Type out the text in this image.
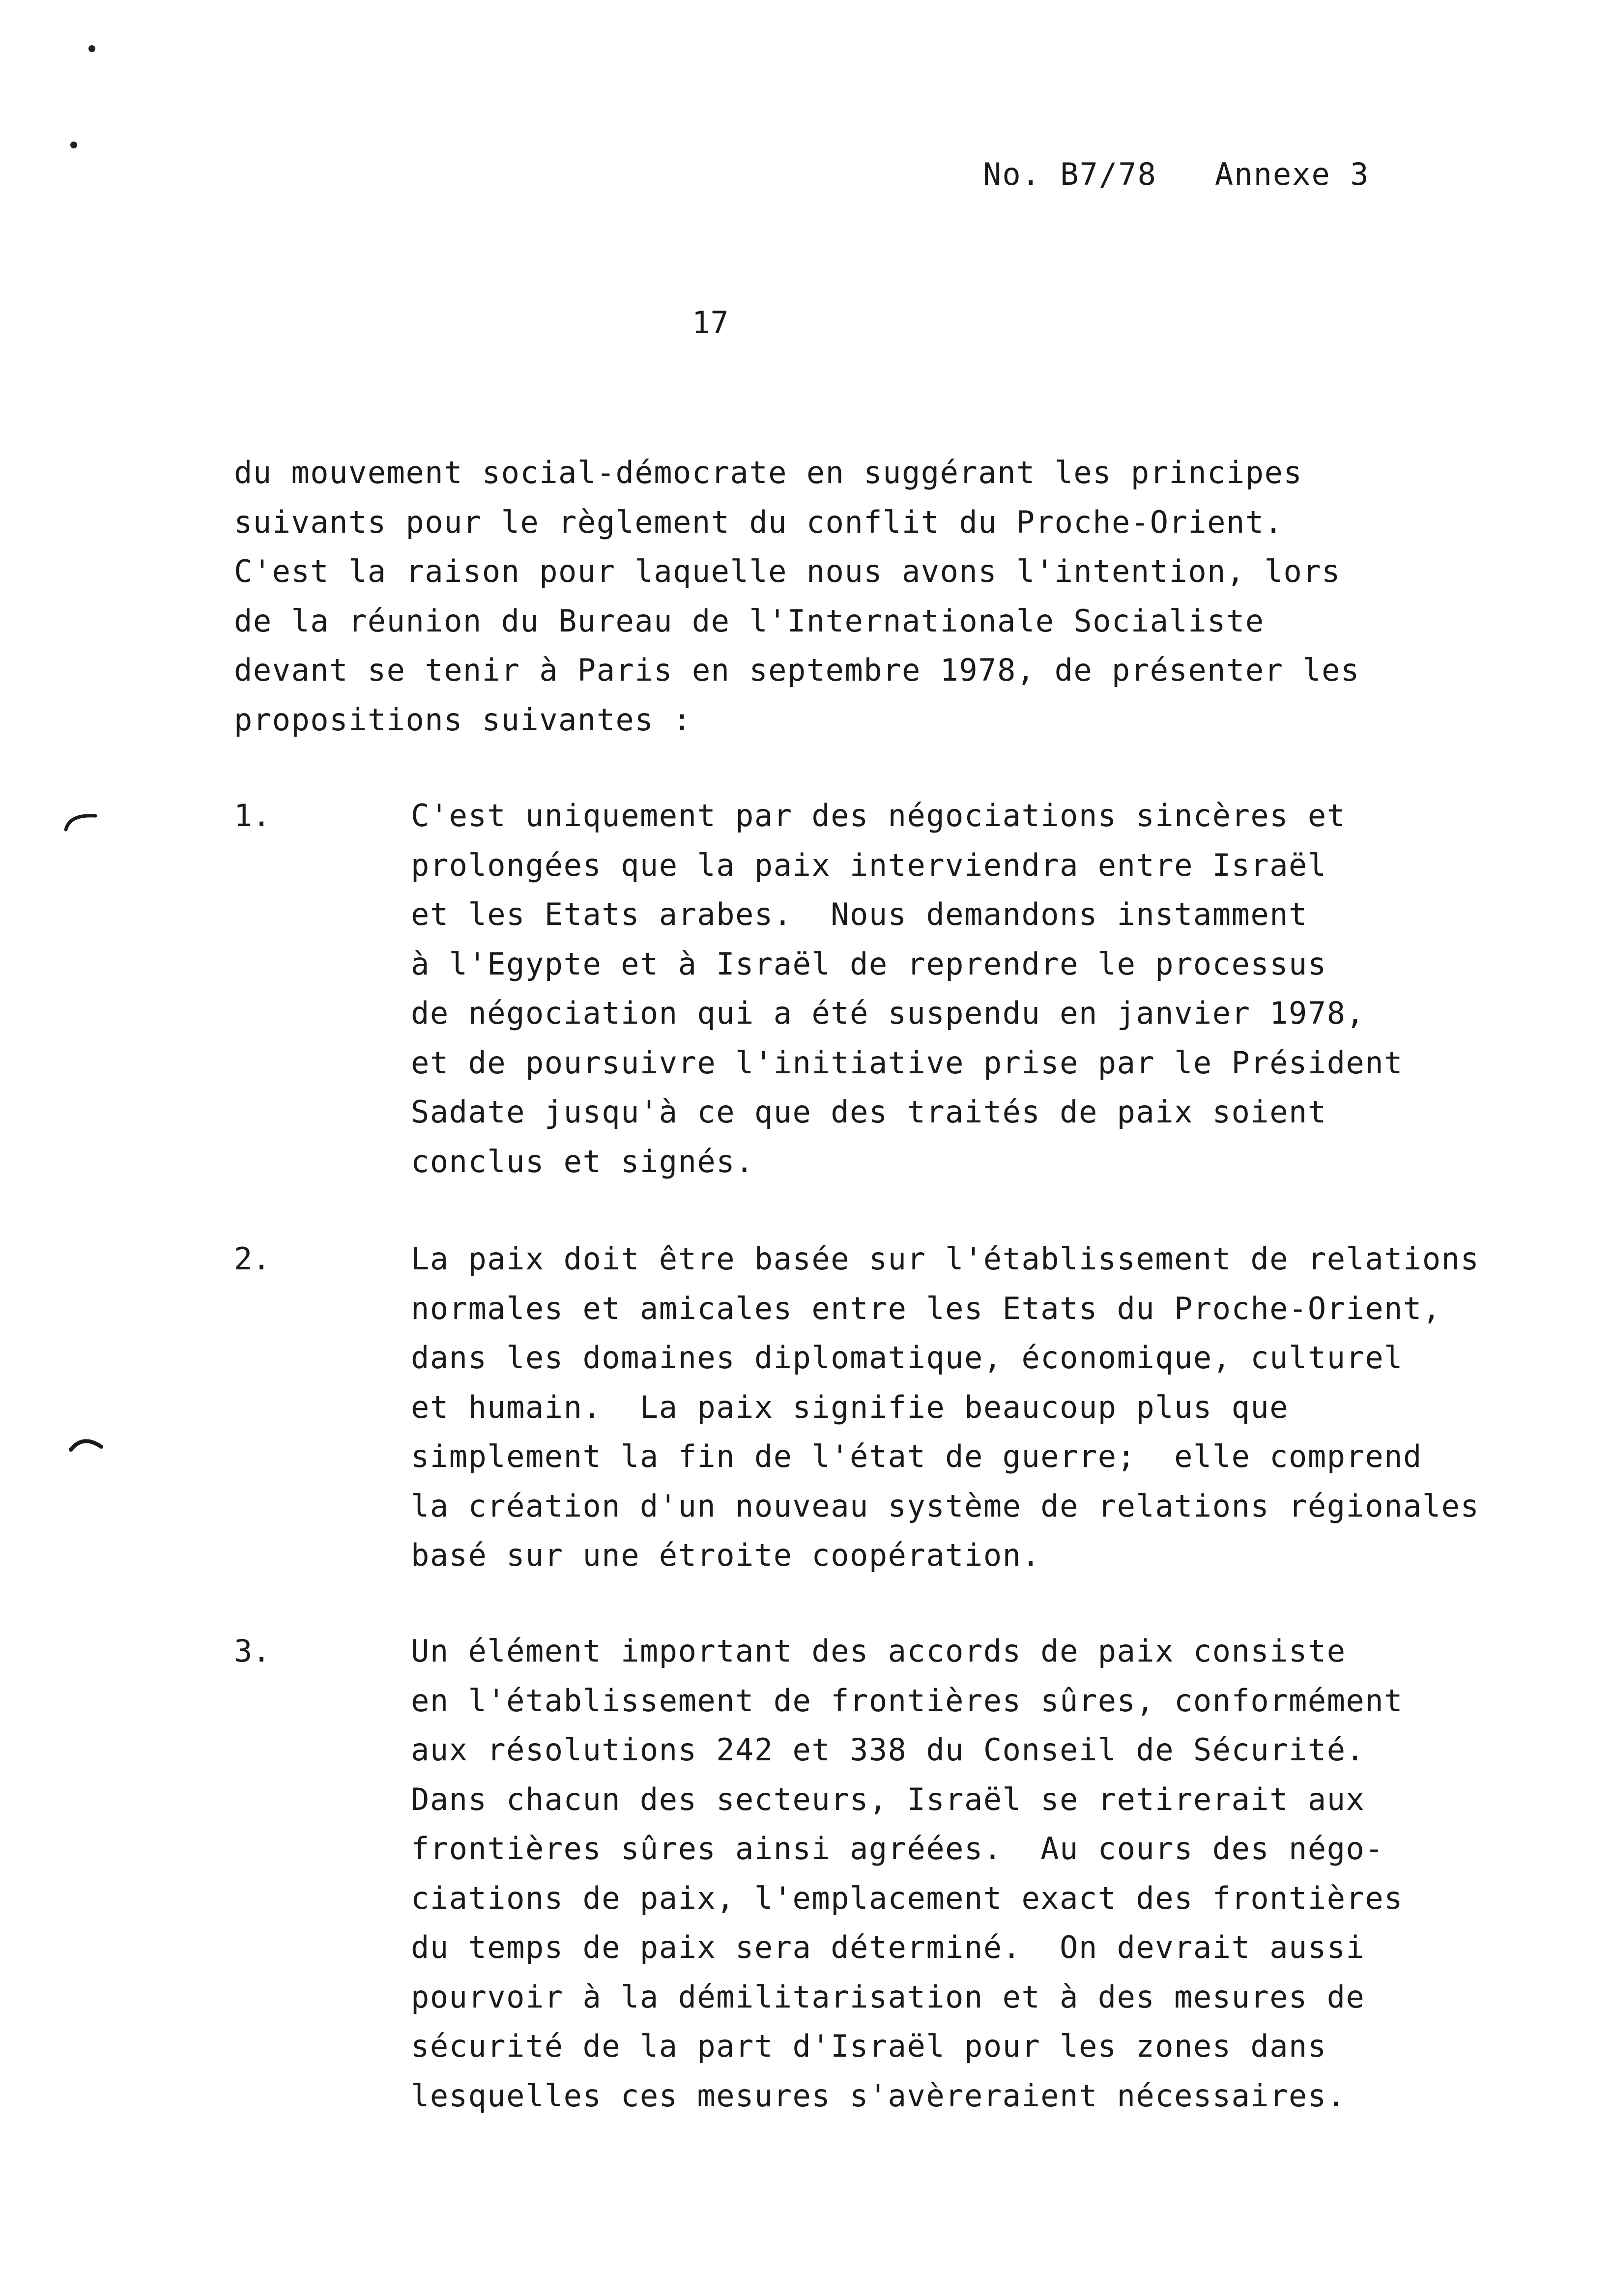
No. B7/78   Annexe 3
17
du mouvement social-démocrate en suggérant les principes
suivants pour le règlement du conflit du Proche-Orient.
C'est la raison pour laquelle nous avons l'intention, lors
de la réunion du Bureau de l'Internationale Socialiste
devant se tenir à Paris en septembre 1978, de présenter les
propositions suivantes :
1.	C'est uniquement par des négociations sincères et
prolongées que la paix interviendra entre Israël
et les Etats arabes.  Nous demandons instamment
à l'Egypte et à Israël de reprendre le processus
de négociation qui a été suspendu en janvier 1978,
et de poursuivre l'initiative prise par le Président
Sadate jusqu'à ce que des traités de paix soient
conclus et signés.
2.	La paix doit être basée sur l'établissement de relations
normales et amicales entre les Etats du Proche-Orient,
dans les domaines diplomatique, économique, culturel
et humain.  La paix signifie beaucoup plus que
simplement la fin de l'état de guerre;  elle comprend
la création d'un nouveau système de relations régionales
basé sur une étroite coopération.
3.	Un élément important des accords de paix consiste
en l'établissement de frontières sûres, conformément
aux résolutions 242 et 338 du Conseil de Sécurité.
Dans chacun des secteurs, Israël se retirerait aux
frontières sûres ainsi agréées.  Au cours des négo-
ciations de paix, l'emplacement exact des frontières
du temps de paix sera déterminé.  On devrait aussi
pourvoir à la démilitarisation et à des mesures de
sécurité de la part d'Israël pour les zones dans
lesquelles ces mesures s'avèreraient nécessaires.
